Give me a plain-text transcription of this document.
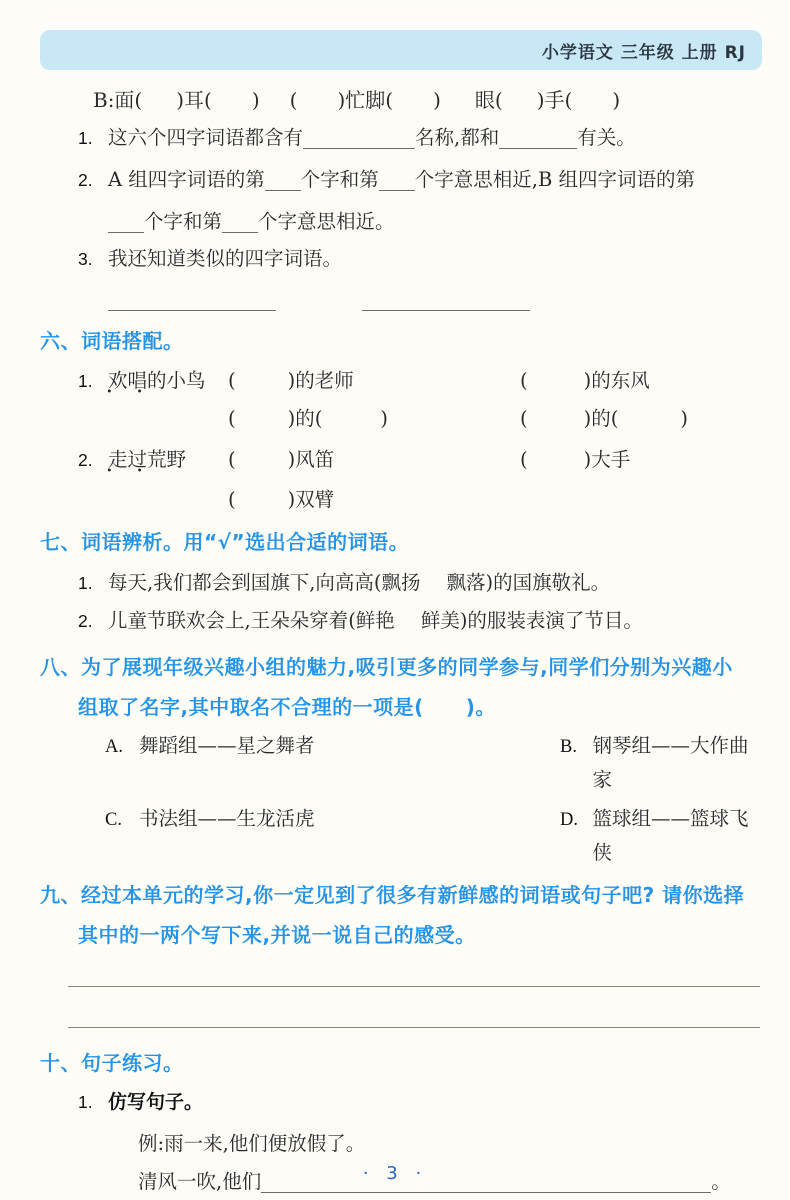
小学语文 三年级 上册 RJ
B:面( )耳( ) ( )忙脚( ) 眼( )手( )
1. 这六个四字词语都含有	名称,都和	有关。
2. A 组四字词语的第 个字和第 个字意思相近,B 组四字词语的第
个字和第 个字意思相近。
3. 我还知道类似的四字词语。
六、词语搭配。
1. 欢唱 • •的小鸟	(	)的老师	(	)的东风
(	)的(	)	(	)的(	)
2. 走过 • •荒野	(	)风笛	(	)大手
(	)双臂
七、词语辨析。用“√”选出合适的词语。
1. 每天,我们都会到国旗下,向高高(飘扬 飘落)的国旗敬礼。
2. 儿童节联欢会上,王朵朵穿着(鲜艳 鲜美)的服装表演了节目。
八、为了展现年级兴趣小组的魅力,吸引更多的同学参与,同学们分别为兴趣小
组取了名字,其中取名不合理的一项是( )。
A. 舞蹈组——星之舞者	B. 钢琴组——大作曲家
C. 书法组——生龙活虎	D. 篮球组——篮球飞侠
九、经过本单元的学习,你一定见到了很多有新鲜感的词语或句子吧? 请你选择
其中的一两个写下来,并说一说自己的感受。
十、句子练习。
1. 仿写句子。
例:雨一来,他们便放假了。
清风一吹,他们	。
· 3 ·
